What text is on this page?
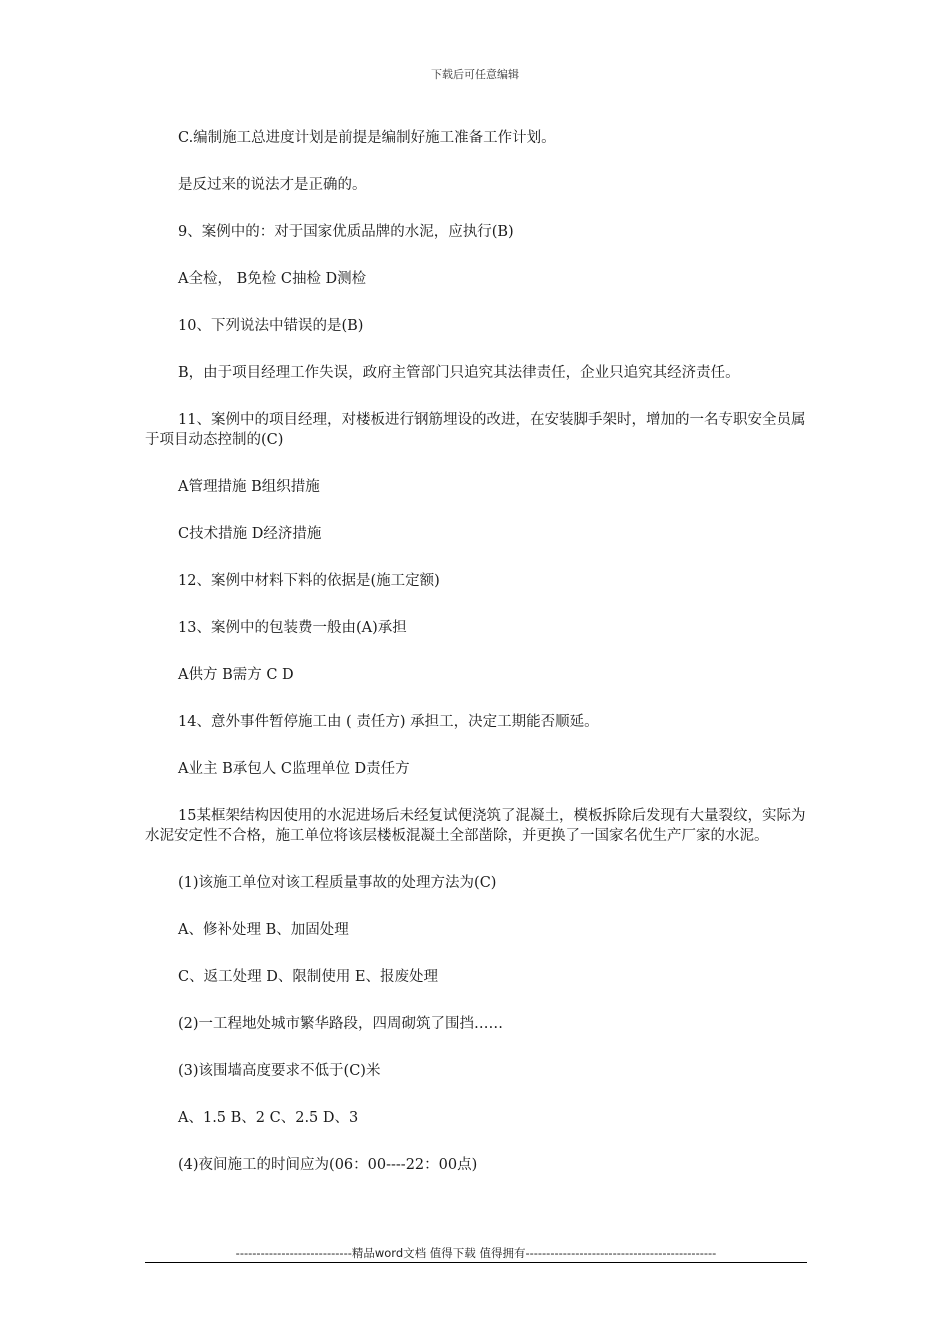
下载后可任意编辑

C.编制施工总进度计划是前提是编制好施工准备工作计划。

是反过来的说法才是正确的。

9、案例中的：对于国家优质品牌的水泥，应执行(B)

A全检， B免检 C抽检 D测检

10、下列说法中错误的是(B)

B，由于项目经理工作失误，政府主管部门只追究其法律责任，企业只追究其经济责任。

11、案例中的项目经理，对楼板进行钢筋埋设的改进，在安装脚手架时，增加的一名专职安全员属于项目动态控制的(C)

A管理措施 B组织措施

C技术措施 D经济措施

12、案例中材料下料的依据是(施工定额)

13、案例中的包装费一般由(A)承担

A供方 B需方 C D

14、意外事件暂停施工由 ( 责任方) 承担工，决定工期能否顺延。

A业主 B承包人 C监理单位 D责任方

15某框架结构因使用的水泥进场后未经复试便浇筑了混凝土，模板拆除后发现有大量裂纹，实际为水泥安定性不合格，施工单位将该层楼板混凝土全部凿除，并更换了一国家名优生产厂家的水泥。

(1)该施工单位对该工程质量事故的处理方法为(C)

A、修补处理 B、加固处理

C、返工处理 D、限制使用 E、报废处理

(2)一工程地处城市繁华路段，四周砌筑了围挡……

(3)该围墙高度要求不低于(C)米

A、1.5 B、2 C、2.5 D、3

(4)夜间施工的时间应为(06：00----22：00点)

----------------------------精品word文档 值得下载 值得拥有----------------------------------------------
